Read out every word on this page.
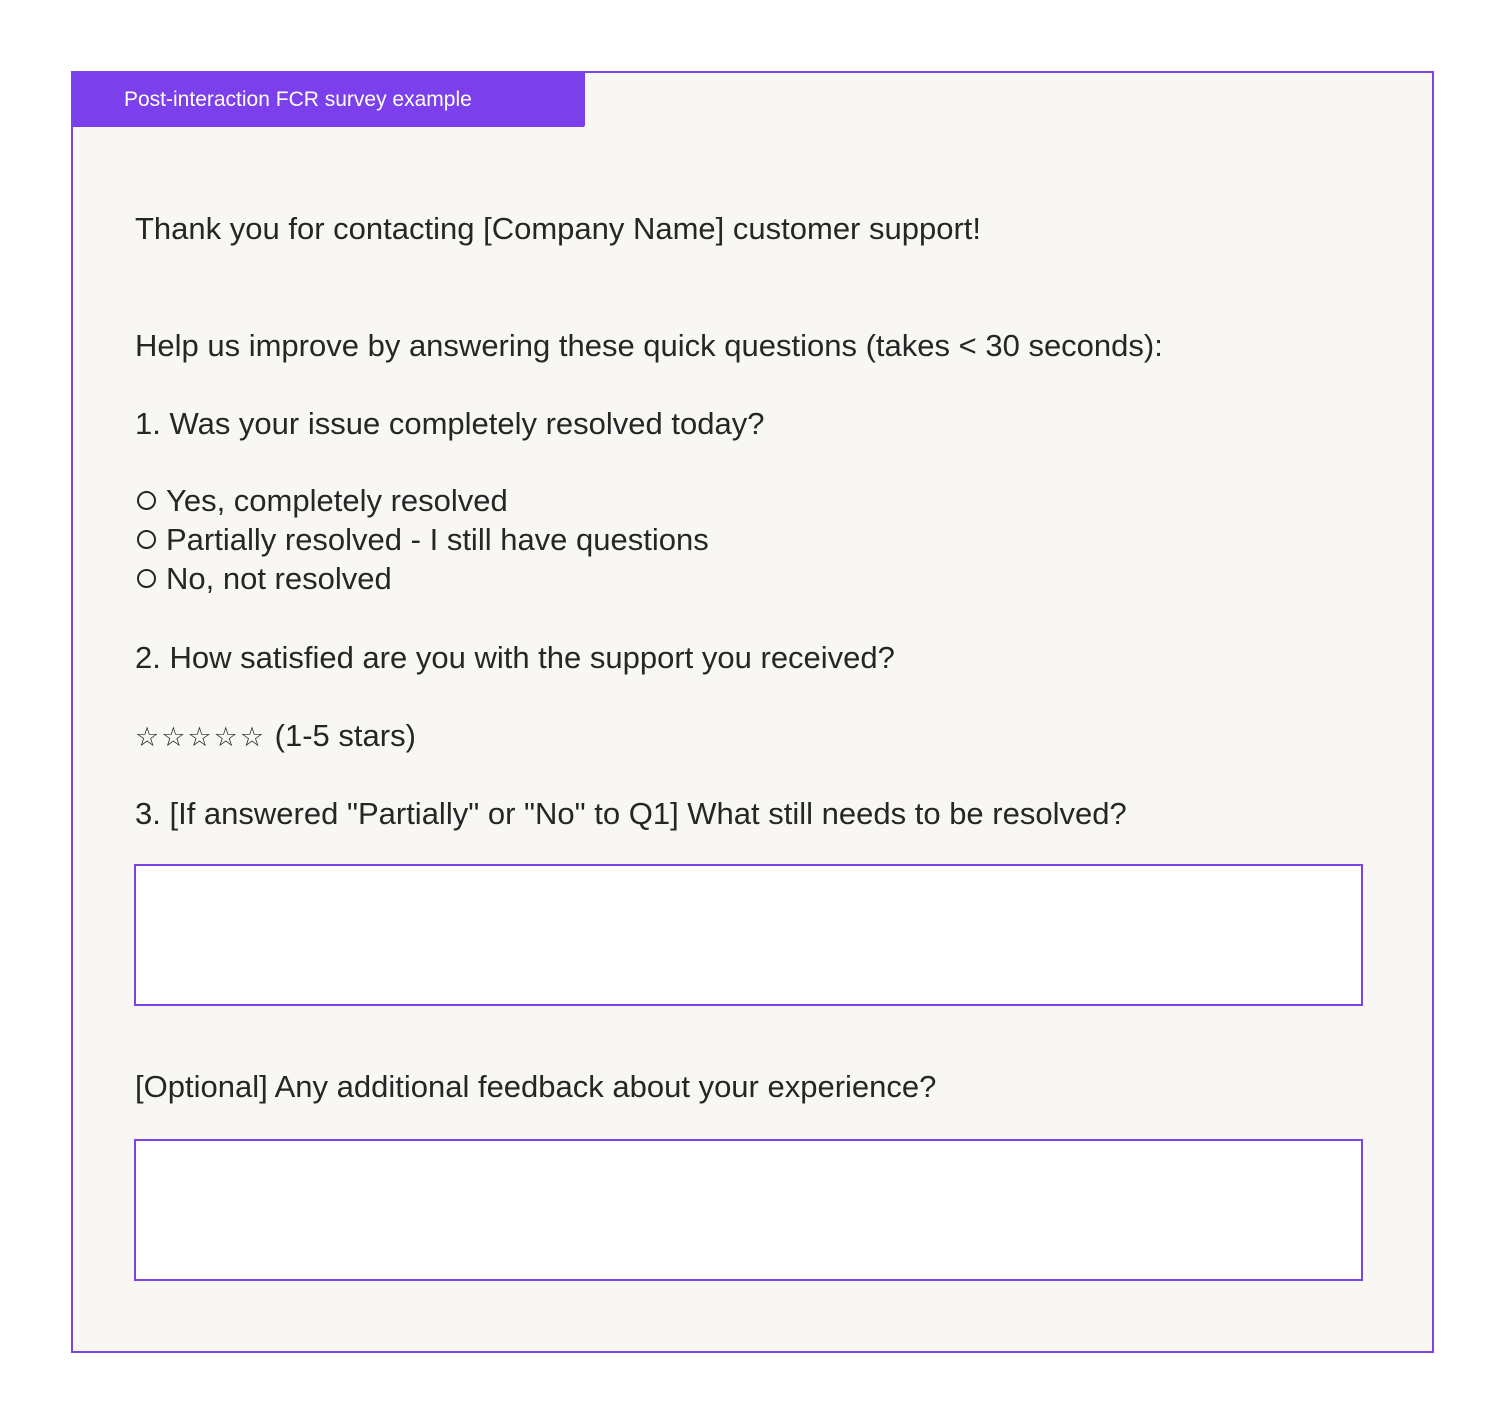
Post-interaction FCR survey example
Thank you for contacting [Company Name] customer support!
Help us improve by answering these quick questions (takes < 30 seconds):
1. Was your issue completely resolved today?
Yes, completely resolved
Partially resolved - I still have questions
No, not resolved
2. How satisfied are you with the support you received?
☆☆☆☆☆ (1-5 stars)
3. [If answered "Partially" or "No" to Q1] What still needs to be resolved?
[Optional] Any additional feedback about your experience?
